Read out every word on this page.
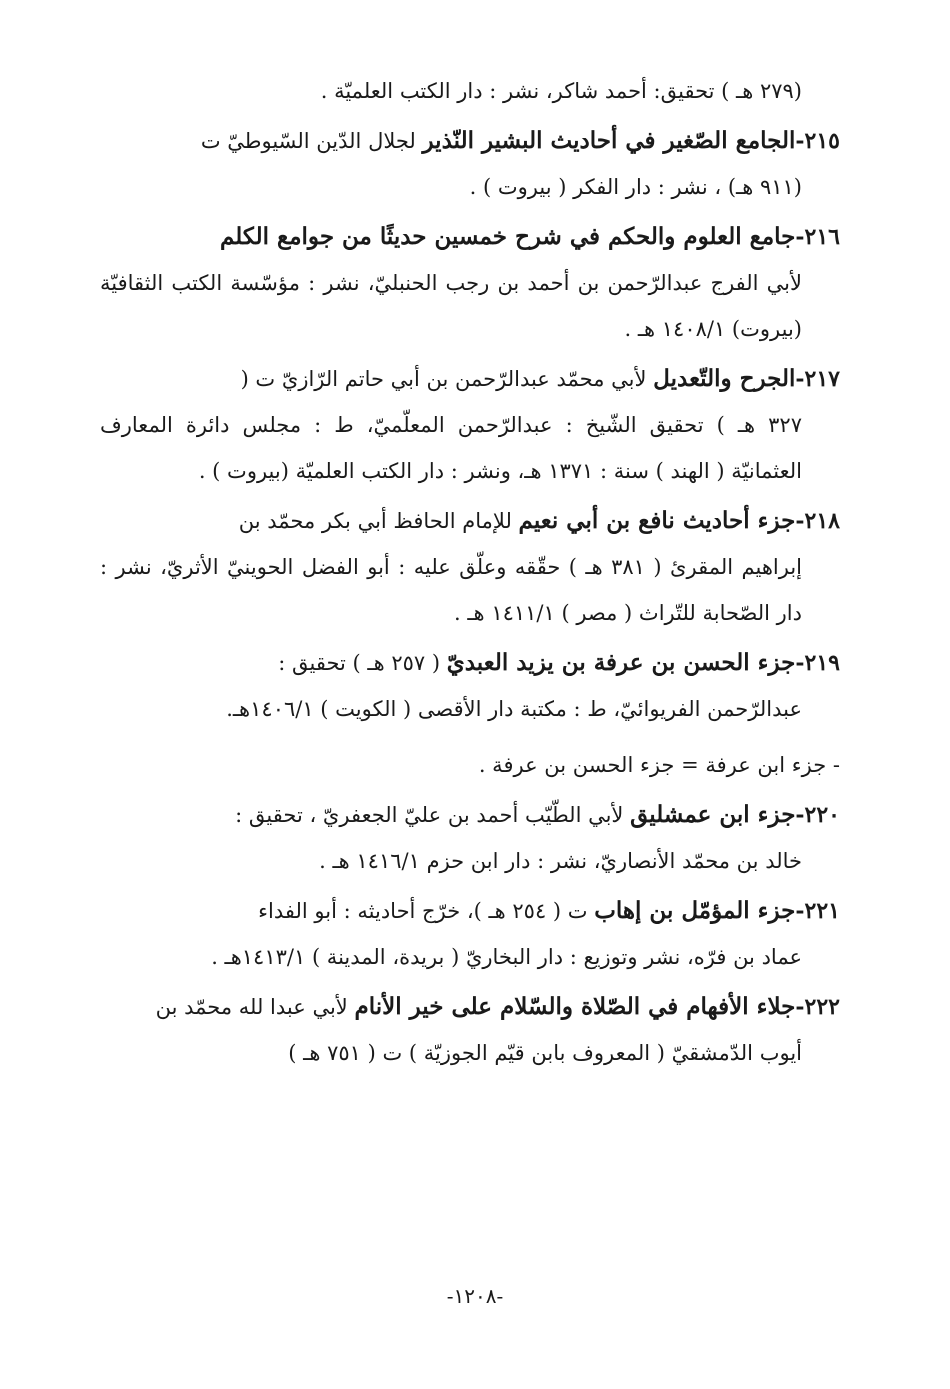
(٢٧٩ هـ ) تحقيق: أحمد شاكر، نشر : دار الكتب العلميّة .
٢١٥-الجامع الصّغير في أحاديث البشير النّذير لجلال الدّين السّيوطيّ ت
(٩١١ هـ) ، نشر : دار الفكر ( بيروت ) .
٢١٦-جامع العلوم والحكم في شرح خمسين حديثًا من جوامع الكلم
لأبي الفرج عبدالرّحمن بن أحمد بن رجب الحنبليّ، نشر : مؤسّسة الكتب الثقافيّة (بيروت) ١٤٠٨/١ هـ .
٢١٧-الجرح والتّعديل لأبي محمّد عبدالرّحمن بن أبي حاتم الرّازيّ ت (
٣٢٧ هـ ) تحقيق الشّيخ : عبدالرّحمن المعلّميّ، ط : مجلس دائرة المعارف العثمانيّة ( الهند ) سنة : ١٣٧١ هـ، ونشر : دار الكتب العلميّة (بيروت ) .
٢١٨-جزء أحاديث نافع بن أبي نعيم للإمام الحافظ أبي بكر محمّد بن
إبراهيم المقرئ ( ٣٨١ هـ ) حقّقه وعلّق عليه : أبو الفضل الحوينيّ الأثريّ، نشر : دار الصّحابة للتّراث ( مصر ) ١٤١١/١ هـ .
٢١٩-جزء الحسن بن عرفة بن يزيد العبديّ ( ٢٥٧ هـ ) تحقيق :
عبدالرّحمن الفريوائيّ، ط : مكتبة دار الأقصى ( الكويت ) ١٤٠٦/١هـ.
- جزء ابن عرفة = جزء الحسن بن عرفة .
٢٢٠-جزء ابن عمشليق لأبي الطّيّب أحمد بن عليّ الجعفريّ ، تحقيق :
خالد بن محمّد الأنصاريّ، نشر : دار ابن حزم ١٤١٦/١ هـ .
٢٢١-جزء المؤمّل بن إهاب ت ( ٢٥٤ هـ )، خرّج أحاديثه : أبو الفداء
عماد بن فرّه، نشر وتوزيع : دار البخاريّ ( بريدة، المدينة ) ١٤١٣/١هـ .
٢٢٢-جلاء الأفهام في الصّلاة والسّلام على خير الأنام لأبي عبدا لله محمّد بن
أيوب الدّمشقيّ ( المعروف بابن قيّم الجوزيّة ) ت ( ٧٥١ هـ )
-١٢٠٨-
